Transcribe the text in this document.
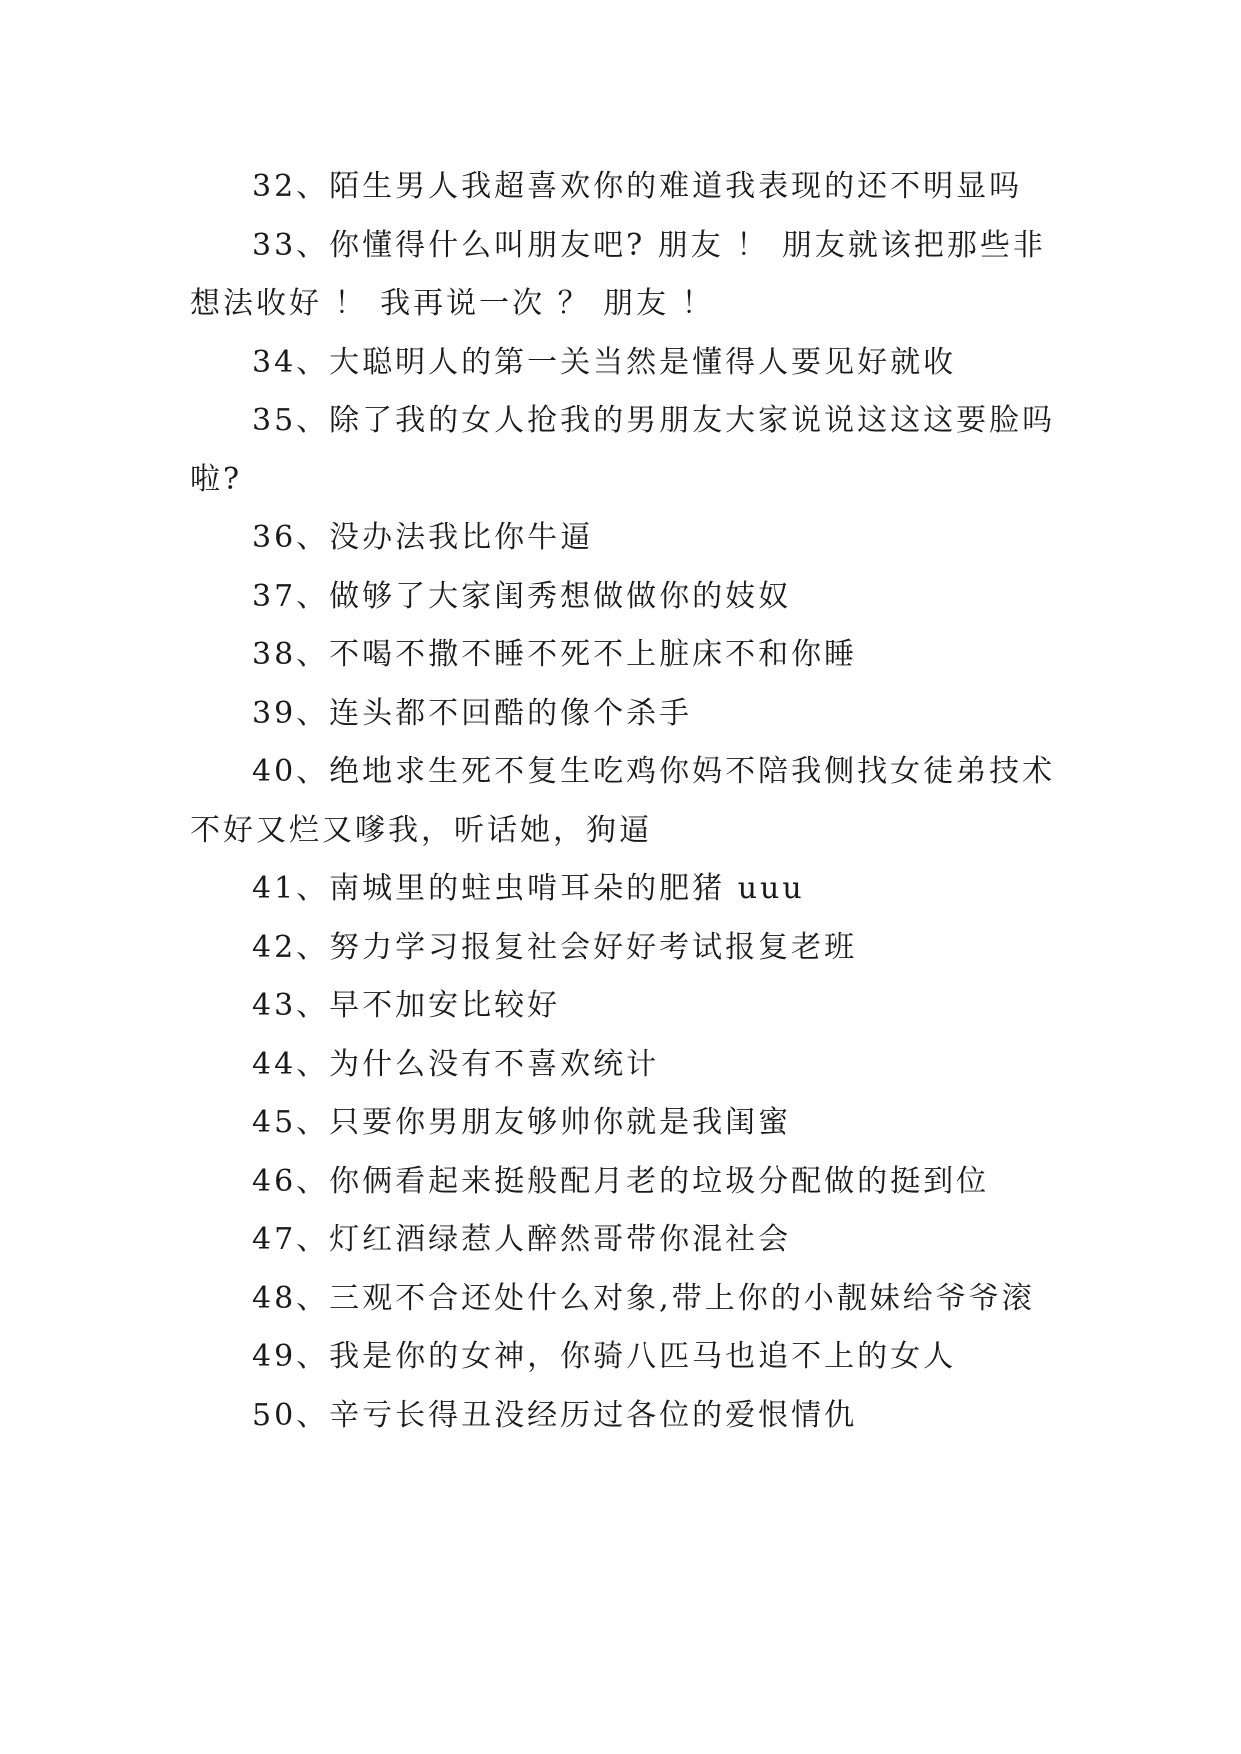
32、陌生男人我超喜欢你的难道我表现的还不明显吗
33、你懂得什么叫朋友吧? 朋友 ！ 朋友就该把那些非
想法收好 ！ 我再说一次 ？ 朋友 ！
34、大聪明人的第一关当然是懂得人要见好就收
35、除了我的女人抢我的男朋友大家说说这这这要脸吗
啦?
36、没办法我比你牛逼
37、做够了大家闺秀想做做你的妓奴
38、不喝不撒不睡不死不上脏床不和你睡
39、连头都不回酷的像个杀手
40、绝地求生死不复生吃鸡你妈不陪我侧找女徒弟技术
不好又烂又嗲我，听话她，狗逼
41、南城里的蛀虫啃耳朵的肥猪 uuu
42、努力学习报复社会好好考试报复老班
43、早不加安比较好
44、为什么没有不喜欢统计
45、只要你男朋友够帅你就是我闺蜜
46、你俩看起来挺般配月老的垃圾分配做的挺到位
47、灯红酒绿惹人醉然哥带你混社会
48、三观不合还处什么对象,带上你的小靓妹给爷爷滚
49、我是你的女神，你骑八匹马也追不上的女人
50、辛亏长得丑没经历过各位的爱恨情仇
